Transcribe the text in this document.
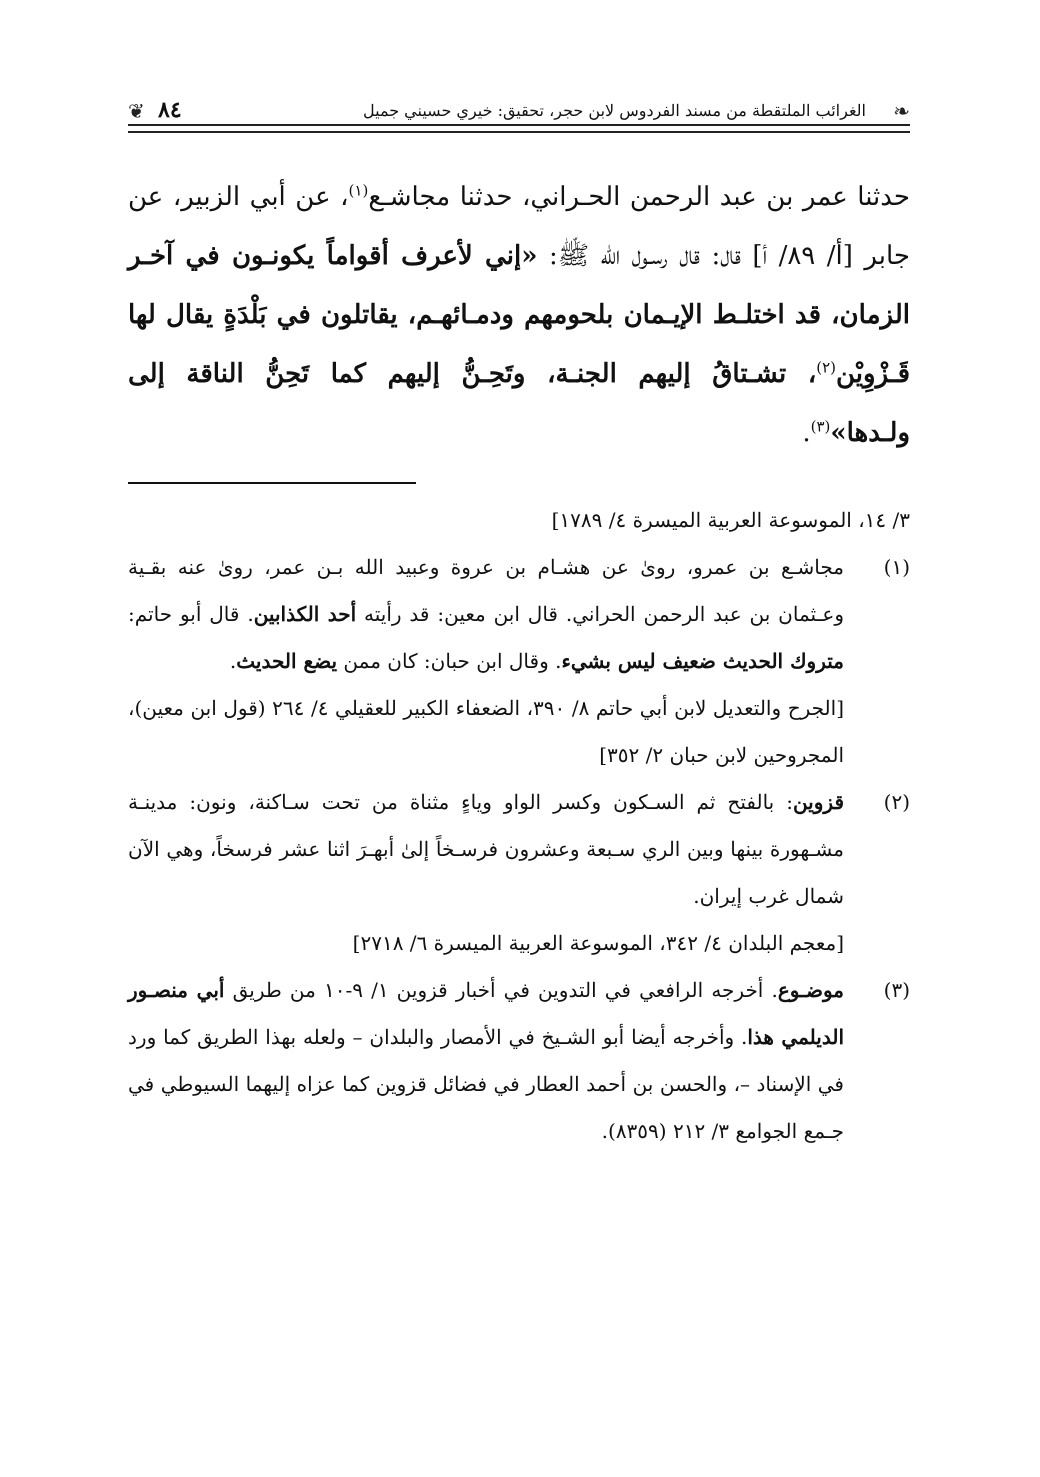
❦ ٨٤	الغرائب الملتقطة من مسند الفردوس لابن حجر، تحقيق: خيري حسيني جميل ❧

حدثنا عمر بن عبد الرحمن الحـراني، حدثنا مجاشـع$^{(١)}$، عن أبي الزبير، عن جابر [أ/ ٨٩/ أ] قال: قال رسـول الله ﷺ: «إني لأعرف أقواماً يكونـون في آخـر الزمان، قد اختلـط الإيـمان بلحومهم ودمـائهـم، يقاتلون في بَلْدَةٍ يقال لها قَـزْوِيْن$^{(٢)}$، تشـتاقُ إليهم الجنـة، وتَحِـنُّ إليهم كما تَحِنُّ الناقة إلى ولـدها»$^{(٣)}$.

٣/ ١٤، الموسوعة العربية الميسرة ٤/ ١٧٨٩]

(١)
مجاشـع بن عمرو، روىٰ عن هشـام بن عروة وعبيد الله بـن عمر، روىٰ عنه بقـية وعـثمان بن عبد الرحمن الحراني. قال ابن معين: قد رأيته أحد الكذابين. قال أبو حاتم: متروك الحديث ضعيف ليس بشيء. وقال ابن حبان: كان ممن يضع الحديث.
[الجرح والتعديل لابن أبي حاتم ٨/ ٣٩٠، الضعفاء الكبير للعقيلي ٤/ ٢٦٤ (قول ابن معين)، المجروحين لابن حبان ٢/ ٣٥٢]
(٢)
قزوين: بالفتح ثم السـكون وكسر الواو وياءٍ مثناة من تحت سـاكنة، ونون: مدينـة مشـهورة بينها وبين الري سـبعة وعشرون فرسـخاً إلىٰ أبهـرَ اثنا عشر فرسخاً، وهي الآن شمال غرب إيران.
[معجم البلدان ٤/ ٣٤٢، الموسوعة العربية الميسرة ٦/ ٢٧١٨]
(٣)
موضـوع. أخرجه الرافعي في التدوين في أخبار قزوين ١/ ٩-١٠ من طريق أبي منصـور الديلمي هذا. وأخرجه أيضا أبو الشـيخ في الأمصار والبلدان – ولعله بهذا الطريق كما ورد في الإسناد –، والحسن بن أحمد العطار في فضائل قزوين كما عزاه إليهما السيوطي في جـمع الجوامع ٣/ ٢١٢ (٨٣٥٩).
